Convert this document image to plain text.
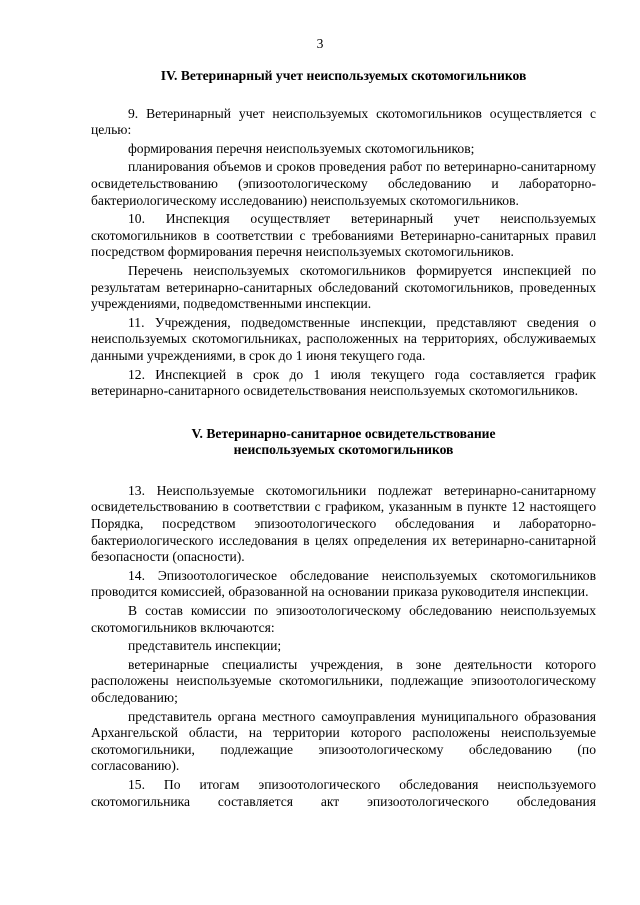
3

IV. Ветеринарный учет неиспользуемых скотомогильников

9. Ветеринарный учет неиспользуемых скотомогильников осуществляется с целью:

формирования перечня неиспользуемых скотомогильников;

планирования объемов и сроков проведения работ по ветеринарно-санитарному освидетельствованию (эпизоотологическому обследованию и лабораторно-бактериологическому исследованию) неиспользуемых скотомогильников.

10. Инспекция осуществляет ветеринарный учет неиспользуемых скотомогильников в соответствии с требованиями Ветеринарно-санитарных правил посредством формирования перечня неиспользуемых скотомогильников.

Перечень неиспользуемых скотомогильников формируется инспекцией по результатам ветеринарно-санитарных обследований скотомогильников, проведенных учреждениями, подведомственными инспекции.

11. Учреждения, подведомственные инспекции, представляют сведения о неиспользуемых скотомогильниках, расположенных на территориях, обслуживаемых данными учреждениями, в срок до 1 июня текущего года.

12. Инспекцией в срок до 1 июля текущего года составляется график ветеринарно-санитарного освидетельствования неиспользуемых скотомогильников.

V. Ветеринарно-санитарное освидетельствование
неиспользуемых скотомогильников

13. Неиспользуемые скотомогильники подлежат ветеринарно-санитарному освидетельствованию в соответствии с графиком, указанным в пункте 12 настоящего Порядка, посредством эпизоотологического обследования и лабораторно-бактериологического исследования в целях определения их ветеринарно-санитарной безопасности (опасности).

14. Эпизоотологическое обследование неиспользуемых скотомогильников проводится комиссией, образованной на основании приказа руководителя инспекции.

В состав комиссии по эпизоотологическому обследованию неиспользуемых скотомогильников включаются:

представитель инспекции;

ветеринарные специалисты учреждения, в зоне деятельности которого расположены неиспользуемые скотомогильники, подлежащие эпизоотологическому обследованию;

представитель органа местного самоуправления муниципального образования Архангельской области, на территории которого расположены неиспользуемые скотомогильники, подлежащие эпизоотологическому обследованию (по согласованию).

15. По итогам эпизоотологического обследования неиспользуемого скотомогильника составляется акт эпизоотологического обследования
